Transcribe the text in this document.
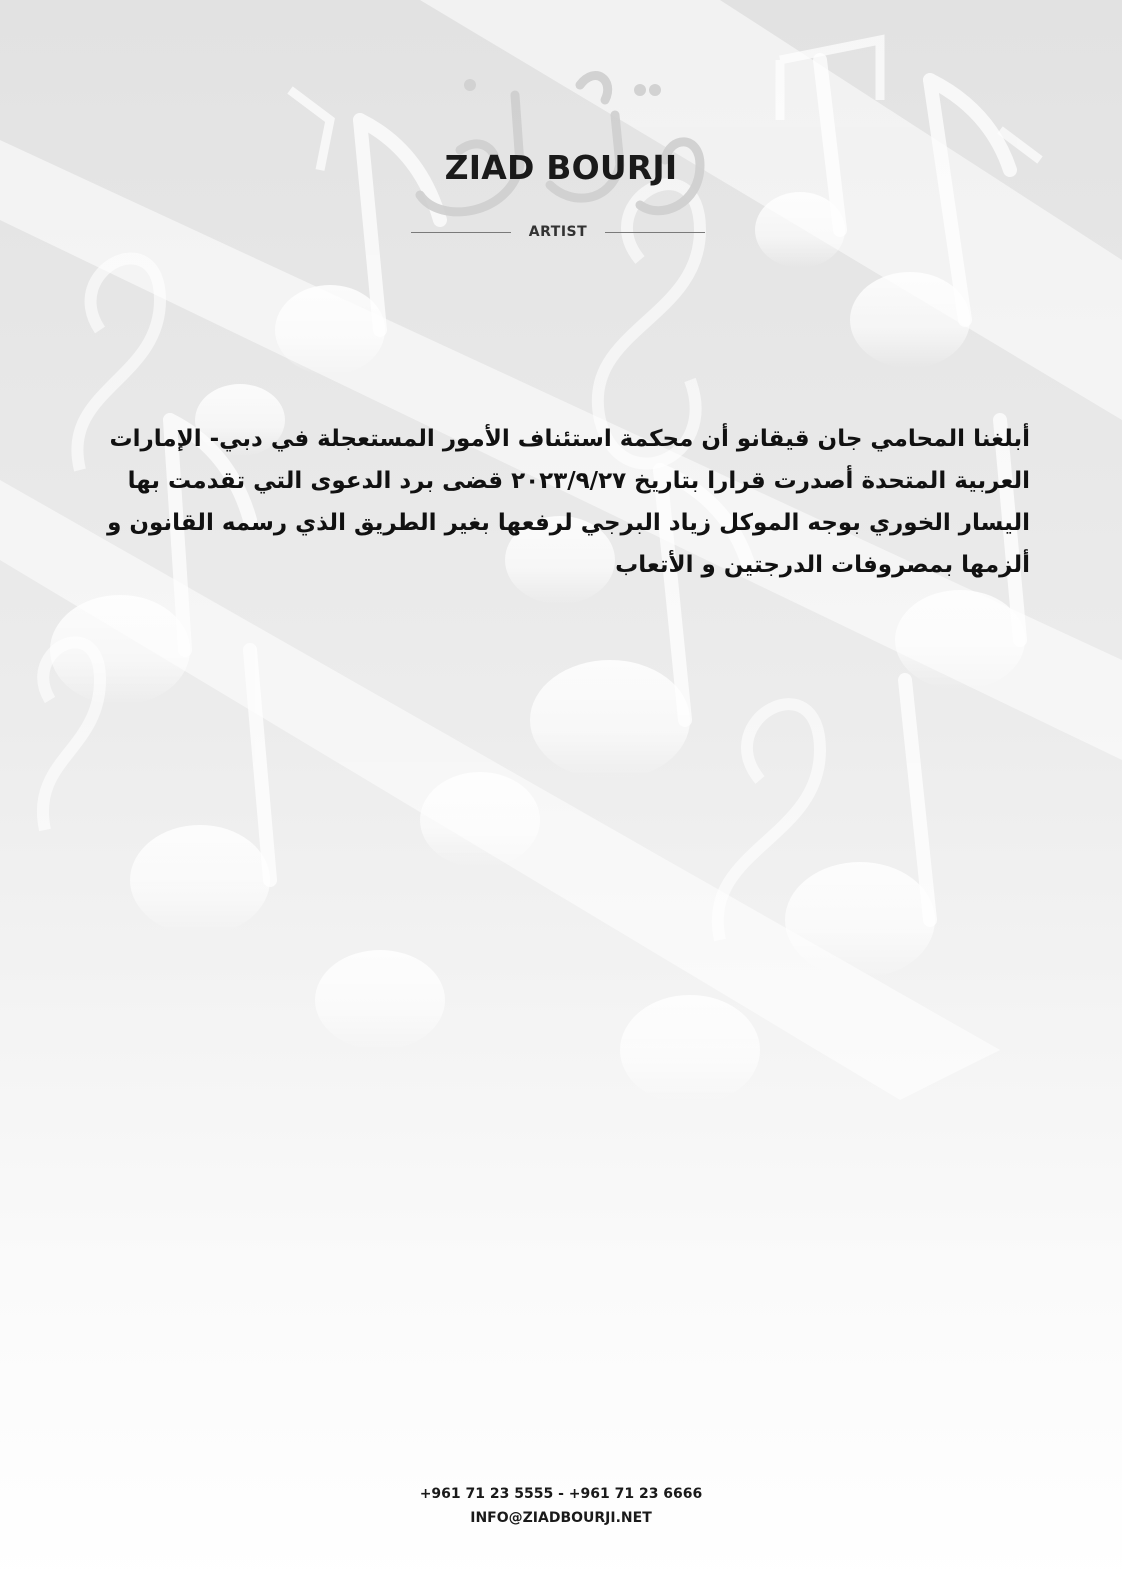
ZIAD BOURJI
ARTIST

أبلغنا المحامي جان قيقانو أن محكمة استئناف الأمور المستعجلة في دبي- الإمارات العربية المتحدة أصدرت قرارا بتاريخ ٢٠٢٣/٩/٢٧ قضى برد الدعوى التي تقدمت بها اليسار الخوري بوجه الموكل زياد البرجي لرفعها بغير الطريق الذي رسمه القانون و ألزمها بمصروفات الدرجتين و الأتعاب

+961 71 23 5555 - +961 71 23 6666
INFO@ZIADBOURJI.NET
